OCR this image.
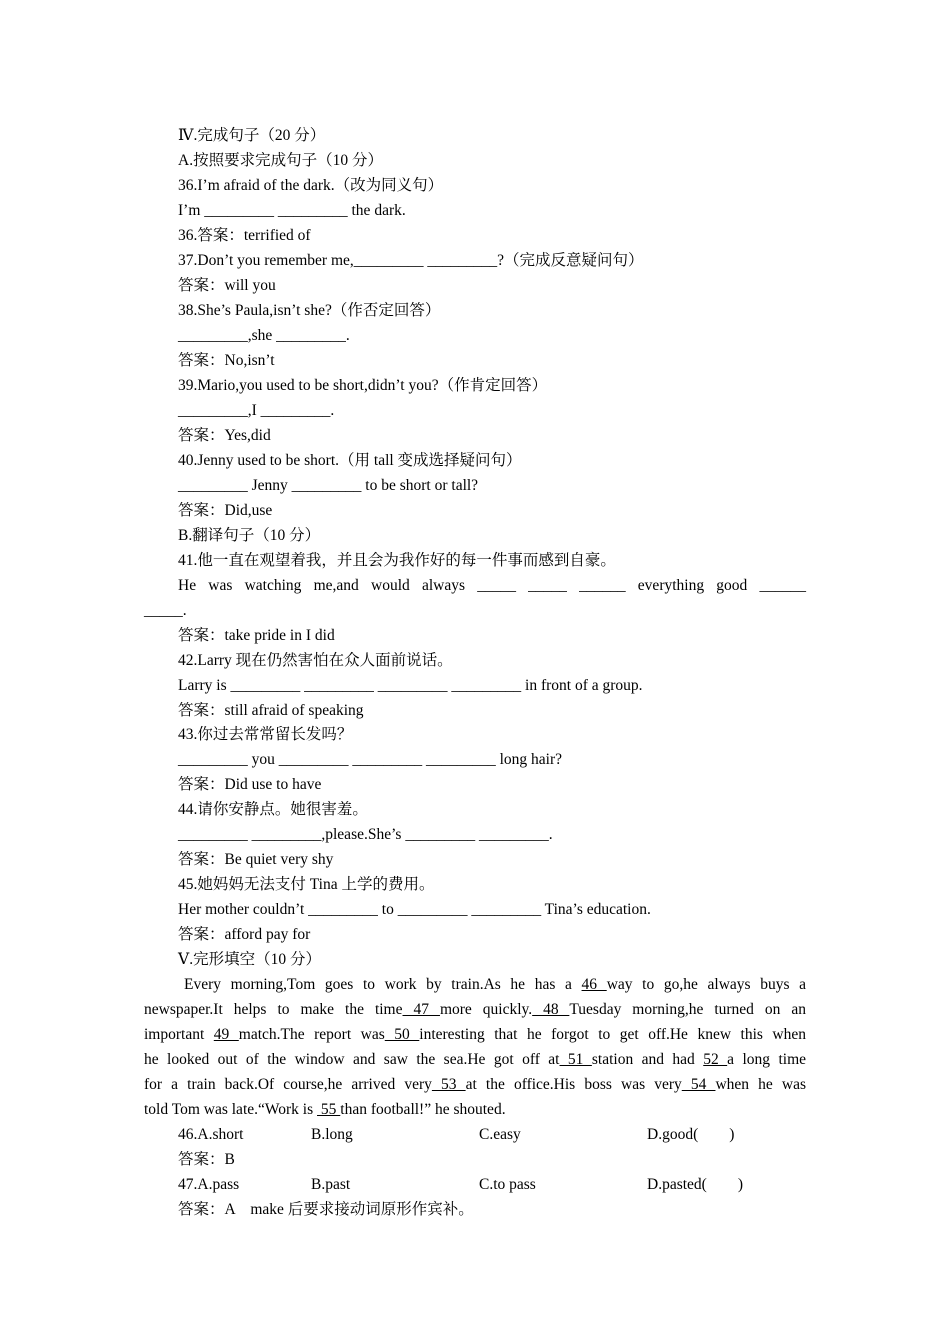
Ⅳ.完成句子（20 分）
A.按照要求完成句子（10 分）
36.I’m afraid of the dark.（改为同义句）
I’m _________ _________ the dark.
36.答案：terrified of
37.Don’t you remember me,_________ _________?（完成反意疑问句）
答案：will you
38.She’s Paula,isn’t she?（作否定回答）
_________,she _________.
答案：No,isn’t
39.Mario,you used to be short,didn’t you?（作肯定回答）
_________,I _________.
答案：Yes,did
40.Jenny used to be short.（用 tall 变成选择疑问句）
_________ Jenny _________ to be short or tall?
答案：Did,use
B.翻译句子（10 分）
41.他一直在观望着我，并且会为我作好的每一件事而感到自豪。
He was watching me,and would always _____ _____ ______ everything good ______
_____.
答案：take pride in I did
42.Larry 现在仍然害怕在众人面前说话。
Larry is _________ _________ _________ _________ in front of a group.
答案：still afraid of speaking
43.你过去常常留长发吗？
_________ you _________ _________ _________ long hair?
答案：Did use to have
44.请你安静点。她很害羞。
_________ _________,please.She’s _________ _________.
答案：Be quiet very shy
45.她妈妈无法支付 Tina 上学的费用。
Her mother couldn’t _________ to _________ _________ Tina’s education.
答案：afford pay for
Ⅴ.完形填空（10 分）
Every morning,Tom goes to work by train.As he has a 46 way to go,he always buys a
newspaper.It helps to make the time 47 more quickly. 48 Tuesday morning,he turned on an
important 49 match.The report was 50 interesting that he forgot to get off.He knew this when
he looked out of the window and saw the sea.He got off at 51 station and had 52 a long time
for a train back.Of course,he arrived very 53 at the office.His boss was very 54 when he was
told Tom was late.“Work is  55 than football!” he shouted.
46.A.short	B.long	C.easy	D.good(　　)
答案：B
47.A.pass	B.past	C.to pass	D.pasted(　　)
答案：A　make 后要求接动词原形作宾补。
